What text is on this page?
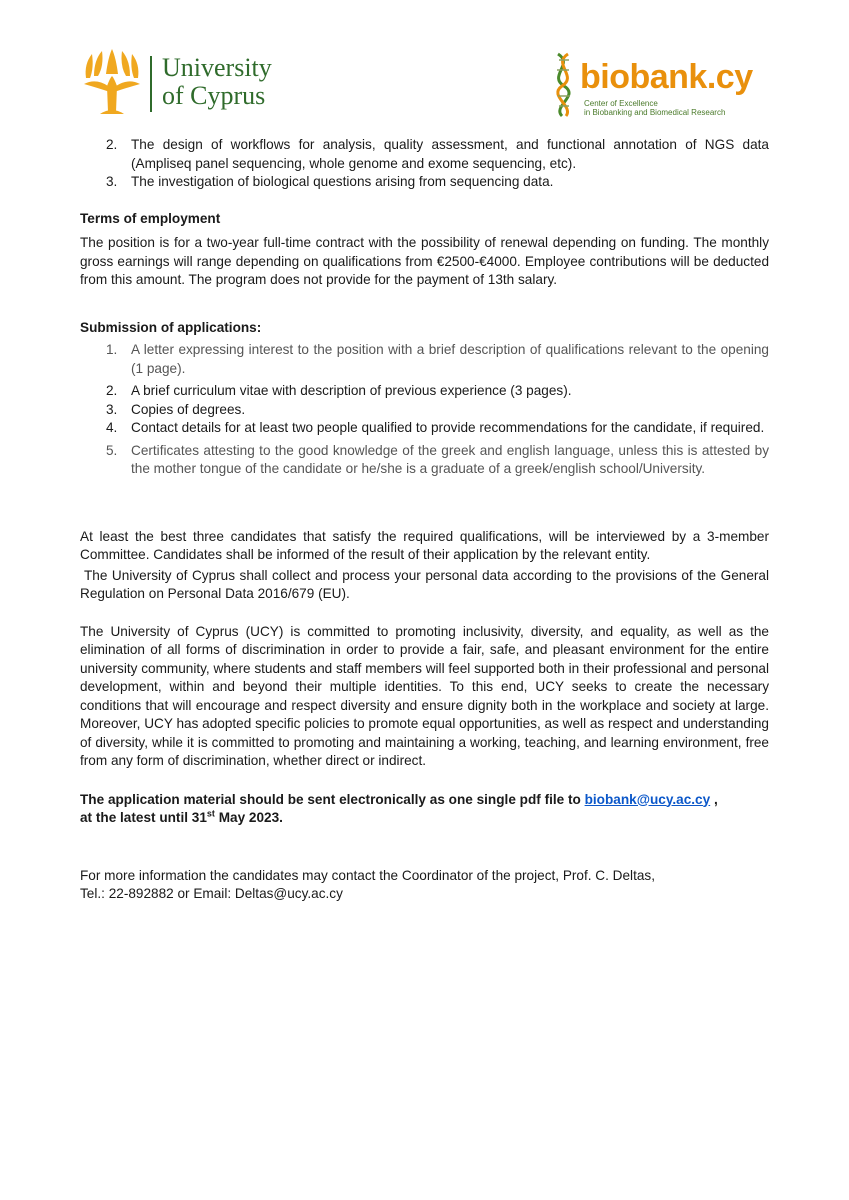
University
of Cyprus	biobank.cy
Center of Excellence
in Biobanking and Biomedical Research
2. The design of workflows for analysis, quality assessment, and functional annotation of NGS data (Ampliseq panel sequencing, whole genome and exome sequencing, etc).
3. The investigation of biological questions arising from sequencing data.
Terms of employment

The position is for a two-year full-time contract with the possibility of renewal depending on funding. The monthly gross earnings will range depending on qualifications from €2500-€4000. Employee contributions will be deducted from this amount. The program does not provide for the payment of 13th salary.

Submission of applications:
1. A letter expressing interest to the position with a brief description of qualifications relevant to the opening (1 page).
2. A brief curriculum vitae with description of previous experience (3 pages).
3. Copies of degrees.
4. Contact details for at least two people qualified to provide recommendations for the candidate, if required.
5. Certificates attesting to the good knowledge of the greek and english language, unless this is attested by the mother tongue of the candidate or he/she is a graduate of a greek/english school/University.

At least the best three candidates that satisfy the required qualifications, will be interviewed by a 3-member Committee. Candidates shall be informed of the result of their application by the relevant entity.

The University of Cyprus shall collect and process your personal data according to the provisions of the General Regulation on Personal Data 2016/679 (EU).

The University of Cyprus (UCY) is committed to promoting inclusivity, diversity, and equality, as well as the elimination of all forms of discrimination in order to provide a fair, safe, and pleasant environment for the entire university community, where students and staff members will feel supported both in their professional and personal development, within and beyond their multiple identities. To this end, UCY seeks to create the necessary conditions that will encourage and respect diversity and ensure dignity both in the workplace and society at large. Moreover, UCY has adopted specific policies to promote equal opportunities, as well as respect and understanding of diversity, while it is committed to promoting and maintaining a working, teaching, and learning environment, free from any form of discrimination, whether direct or indirect.

The application material should be sent electronically as one single pdf file to biobank@ucy.ac.cy ,
at the latest until 31st May 2023.
For more information the candidates may contact the Coordinator of the project, Prof. C. Deltas,
Tel.: 22-892882 or Email: Deltas@ucy.ac.cy
